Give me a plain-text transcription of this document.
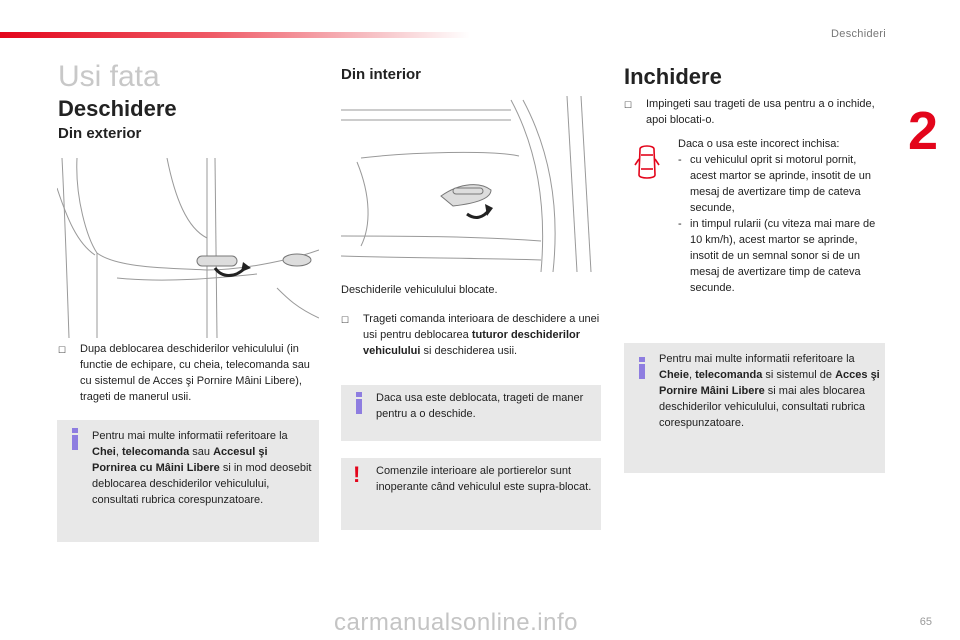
Deschideri
2
65
Usi fata
Deschidere
Din exterior
☐ Dupa deblocarea deschiderilor vehiculului (in functie de echipare, cu cheia, telecomanda sau cu sistemul de Acces şi Pornire Mâini Libere), trageti de manerul usii.
Pentru mai multe informatii referitoare la Chei, telecomanda sau Accesul şi Pornirea cu Mâini Libere si in mod deosebit deblocarea deschiderilor vehiculului, consultati rubrica corespunzatoare.
Din interior
Deschiderile vehiculului blocate.
☐ Trageti comanda interioara de deschidere a unei usi pentru deblocarea tuturor deschiderilor vehiculului si deschiderea usii.
Daca usa este deblocata, trageti de maner pentru a o deschide.
! Comenzile interioare ale portierelor sunt inoperante când vehiculul este supra-blocat.
Inchidere
☐ Impingeti sau trageti de usa pentru a o inchide, apoi blocati-o.
Daca o usa este incorect inchisa:
- cu vehiculul oprit si motorul pornit, acest martor se aprinde, insotit de un mesaj de avertizare timp de cateva secunde,
- in timpul rularii (cu viteza mai mare de 10 km/h), acest martor se aprinde, insotit de un semnal sonor si de un mesaj de avertizare timp de cateva secunde.
Pentru mai multe informatii referitoare la Cheie, telecomanda si sistemul de Acces şi Pornire Mâini Libere si mai ales blocarea deschiderilor vehiculului, consultati rubrica corespunzatoare.
carmanualsonline.info
